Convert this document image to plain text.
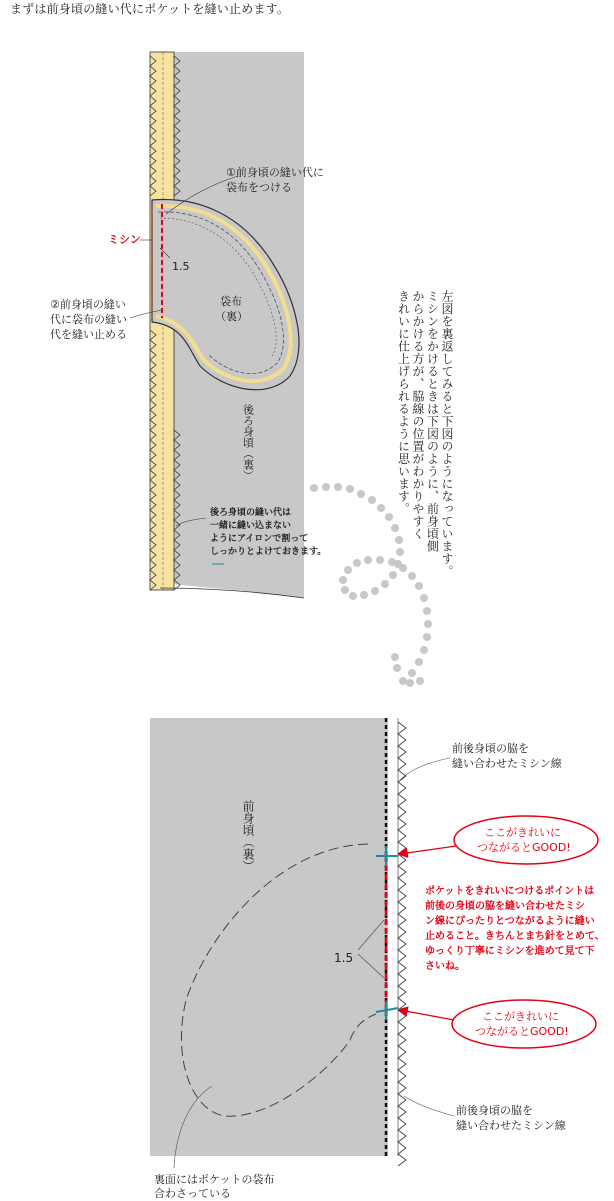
まずは前身頃の縫い代にポケットを縫い止めます。
ミシン
1.5
①前身頃の縫い代に
袋布をつける
②前身頃の縫い
代に袋布の縫い
代を縫い止める
袋布
（裏）
後ろ身頃（裏）
後ろ身頃の縫い代は
一緒に縫い込まない
ようにアイロンで割って
しっかりとよけておきます。
1.5
前身頃（裏）
前後身頃の脇を
縫い合わせたミシン線
ここがきれいに
つながるとGOOD!
ポケットをきれいにつけるポイントは
前後の身頃の脇を縫い合わせたミシ
ン線にぴったりとつながるように縫い
止めること。きちんとまち針をとめて、
ゆっくり丁寧にミシンを進めて見て下
さいね。
ここがきれいに
つながるとGOOD!
前後身頃の脇を
縫い合わせたミシン線
裏面にはポケットの袋布
合わさっている
左図を裏返してみると下図のようになっています。
ミシンをかけるときは下図のように、前身頃側
からかける方が、脇線の位置がわかりやすく
きれいに仕上げられるように思います。
